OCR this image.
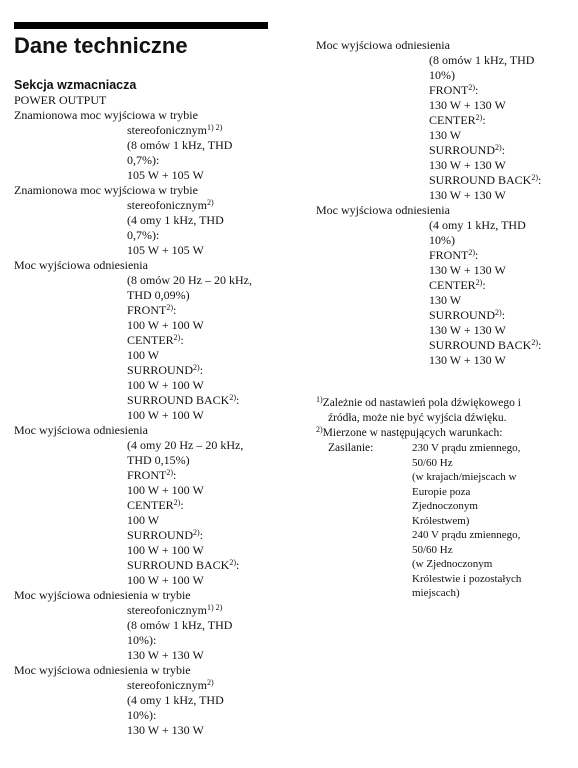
Dane techniczne
Sekcja wzmacniacza
POWER OUTPUT
Znamionowa moc wyjściowa w trybie
stereofonicznym$^{1) 2)}$
(8 omów 1 kHz, THD
0,7%):
105 W + 105 W
Znamionowa moc wyjściowa w trybie
stereofonicznym$^{2)}$
(4 omy 1 kHz, THD
0,7%):
105 W + 105 W
Moc wyjściowa odniesienia
(8 omów 20 Hz – 20 kHz,
THD 0,09%)
FRONT$^{2)}$:
100 W + 100 W
CENTER$^{2)}$:
100 W
SURROUND$^{2)}$:
100 W + 100 W
SURROUND BACK$^{2)}$:
100 W + 100 W
Moc wyjściowa odniesienia
(4 omy 20 Hz – 20 kHz,
THD 0,15%)
FRONT$^{2)}$:
100 W + 100 W
CENTER$^{2)}$:
100 W
SURROUND$^{2)}$:
100 W + 100 W
SURROUND BACK$^{2)}$:
100 W + 100 W
Moc wyjściowa odniesienia w trybie
stereofonicznym$^{1) 2)}$
(8 omów 1 kHz, THD
10%):
130 W + 130 W
Moc wyjściowa odniesienia w trybie
stereofonicznym$^{2)}$
(4 omy 1 kHz, THD
10%):
130 W + 130 W
Moc wyjściowa odniesienia
(8 omów 1 kHz, THD
10%)
FRONT$^{2)}$:
130 W + 130 W
CENTER$^{2)}$:
130 W
SURROUND$^{2)}$:
130 W + 130 W
SURROUND BACK$^{2)}$:
130 W + 130 W
Moc wyjściowa odniesienia
(4 omy 1 kHz, THD
10%)
FRONT$^{2)}$:
130 W + 130 W
CENTER$^{2)}$:
130 W
SURROUND$^{2)}$:
130 W + 130 W
SURROUND BACK$^{2)}$:
130 W + 130 W
$^{1)}$Zależnie od nastawień pola dźwiękowego i
źródła, może nie być wyjścia dźwięku.
$^{2)}$Mierzone w następujących warunkach:
Zasilanie:	230 V prądu zmiennego,
50/60 Hz
(w krajach/miejscach w
Europie poza
Zjednoczonym
Królestwem)
240 V prądu zmiennego,
50/60 Hz
(w Zjednoczonym
Królestwie i pozostałych
miejscach)
